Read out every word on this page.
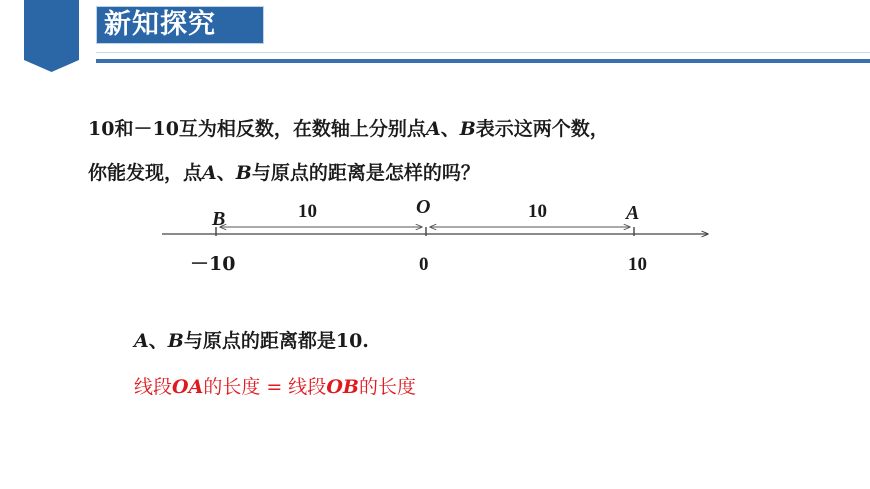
新知探究
10和－10互为相反数，在数轴上分别点A、B表示这两个数，
你能发现，点A、B与原点的距离是怎样的吗？
B
O	A
10	10
－10	0	10
A、B与原点的距离都是10.
线段OA的长度 = 线段OB的长度
